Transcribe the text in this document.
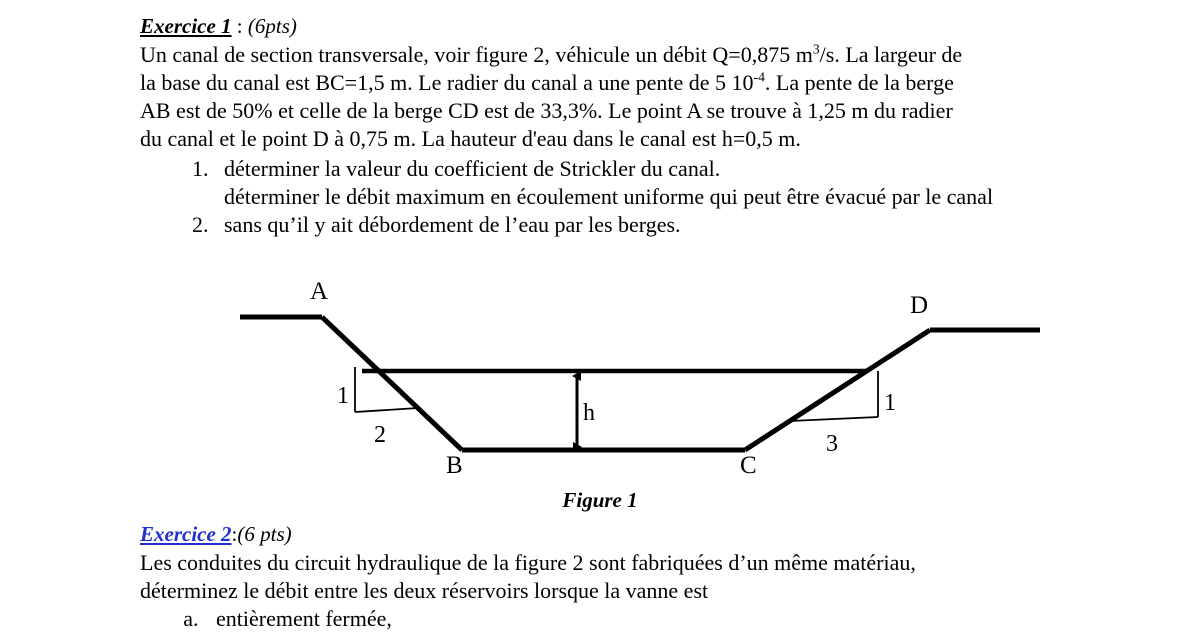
Exercice 1 : (6pts)

Un canal de section transversale, voir figure 2, véhicule un débit Q=0,875 $m^3/s$. La largeur de

la base du canal est BC=1,5 m. Le radier du canal a une pente de 5 $10^{-4}$. La pente de la berge

AB est de 50% et celle de la berge CD est de 33,3%. Le point A se trouve à 1,25 m du radier

du canal et le point D à 0,75 m. La hauteur d'eau dans le canal est h=0,5 m.

1. déterminer la valeur du coefficient de Strickler du canal.
2. déterminer le débit maximum en écoulement uniforme qui peut être évacué par le canal sans qu’il y ait débordement de l’eau par les berges.
A
B	C
D
1
2
1
3
h
Figure 1
Exercice 2:(6 pts)

Les conduites du circuit hydraulique de la figure 2 sont fabriquées d’un même matériau,

déterminez le débit entre les deux réservoirs lorsque la vanne est

a. entièrement fermée,
